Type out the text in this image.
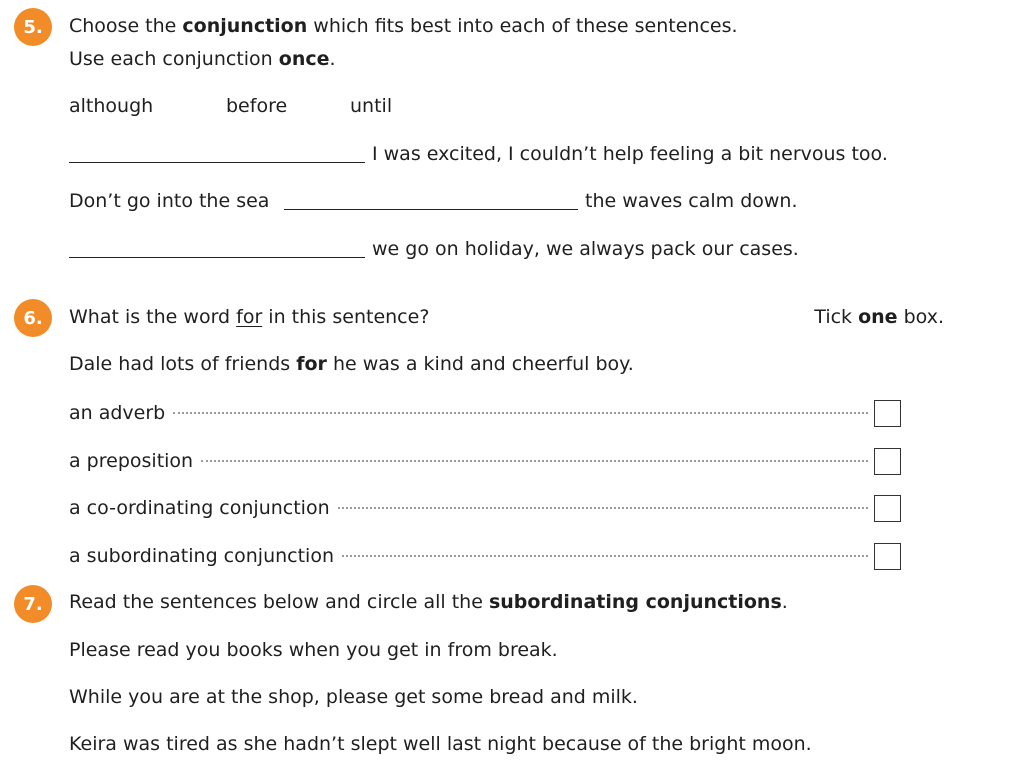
5.	Choose the conjunction which fits best into each of these sentences.
Use each conjunction once.
although	before	until
I was excited, I couldn’t help feeling a bit nervous too.
Don’t go into the sea	the waves calm down.
we go on holiday, we always pack our cases.
6.	What is the word for in this sentence?	Tick one box.
Dale had lots of friends for he was a kind and cheerful boy.
an adverb
a preposition
a co-ordinating conjunction
a subordinating conjunction
7.	Read the sentences below and circle all the subordinating conjunctions.
Please read you books when you get in from break.
While you are at the shop, please get some bread and milk.
Keira was tired as she hadn’t slept well last night because of the bright moon.
